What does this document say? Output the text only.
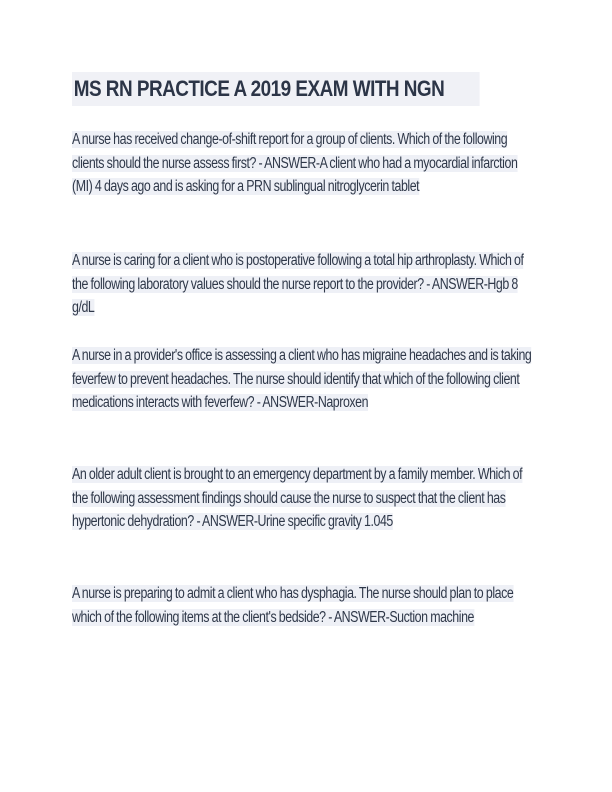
MS RN PRACTICE A 2019 EXAM WITH NGN
A nurse has received change-of-shift report for a group of clients. Which of the following clients should the nurse assess first? - ANSWER-A client who had a myocardial infarction (MI) 4 days ago and is asking for a PRN sublingual nitroglycerin tablet
A nurse is caring for a client who is postoperative following a total hip arthroplasty. Which of the following laboratory values should the nurse report to the provider? - ANSWER-Hgb 8 g/dL
A nurse in a provider's office is assessing a client who has migraine headaches and is taking feverfew to prevent headaches. The nurse should identify that which of the following client medications interacts with feverfew? - ANSWER-Naproxen
An older adult client is brought to an emergency department by a family member. Which of the following assessment findings should cause the nurse to suspect that the client has hypertonic dehydration? - ANSWER-Urine specific gravity 1.045
A nurse is preparing to admit a client who has dysphagia. The nurse should plan to place which of the following items at the client's bedside? - ANSWER-Suction machine
